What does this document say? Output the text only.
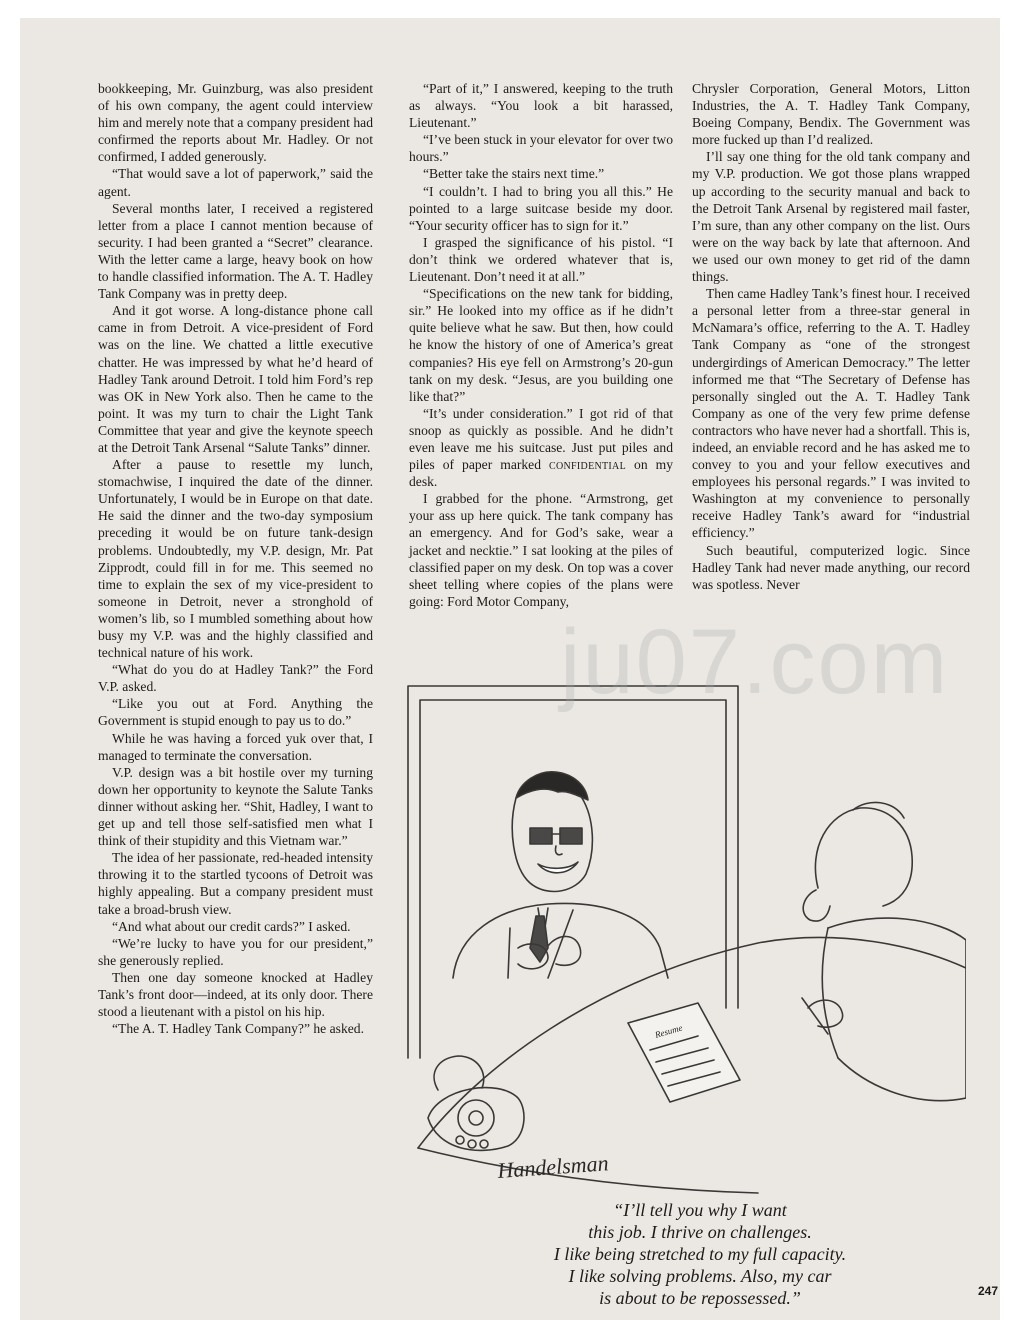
bookkeeping, Mr. Guinzburg, was also president of his own company, the agent could interview him and merely note that a company president had confirmed the reports about Mr. Hadley. Or not confirmed, I added generously.

“That would save a lot of paperwork,” said the agent.

Several months later, I received a registered letter from a place I cannot mention because of security. I had been granted a “Secret” clearance. With the letter came a large, heavy book on how to handle classified information. The A. T. Hadley Tank Company was in pretty deep.

And it got worse. A long-distance phone call came in from Detroit. A vice-president of Ford was on the line. We chatted a little executive chatter. He was impressed by what he’d heard of Hadley Tank around Detroit. I told him Ford’s rep was OK in New York also. Then he came to the point. It was my turn to chair the Light Tank Committee that year and give the keynote speech at the Detroit Tank Arsenal “Salute Tanks” dinner.

After a pause to resettle my lunch, stomachwise, I inquired the date of the dinner. Unfortunately, I would be in Europe on that date. He said the dinner and the two-day symposium preceding it would be on future tank-design problems. Undoubtedly, my V.P. design, Mr. Pat Zipprodt, could fill in for me. This seemed no time to explain the sex of my vice-president to someone in Detroit, never a stronghold of women’s lib, so I mumbled something about how busy my V.P. was and the highly classified and technical nature of his work.

“What do you do at Hadley Tank?” the Ford V.P. asked.

“Like you out at Ford. Anything the Government is stupid enough to pay us to do.”

While he was having a forced yuk over that, I managed to terminate the conversation.

V.P. design was a bit hostile over my turning down her opportunity to keynote the Salute Tanks dinner without asking her. “Shit, Hadley, I want to get up and tell those self-satisfied men what I think of their stupidity and this Vietnam war.”

The idea of her passionate, red-headed intensity throwing it to the startled tycoons of Detroit was highly appealing. But a company president must take a broad-brush view.

“And what about our credit cards?” I asked.

“We’re lucky to have you for our president,” she generously replied.

Then one day someone knocked at Hadley Tank’s front door—indeed, at its only door. There stood a lieutenant with a pistol on his hip.

“The A. T. Hadley Tank Company?” he asked.

“Part of it,” I answered, keeping to the truth as always. “You look a bit harassed, Lieutenant.”

“I’ve been stuck in your elevator for over two hours.”

“Better take the stairs next time.”

“I couldn’t. I had to bring you all this.” He pointed to a large suitcase beside my door. “Your security officer has to sign for it.”

I grasped the significance of his pistol. “I don’t think we ordered whatever that is, Lieutenant. Don’t need it at all.”

“Specifications on the new tank for bidding, sir.” He looked into my office as if he didn’t quite believe what he saw. But then, how could he know the history of one of America’s great companies? His eye fell on Armstrong’s 20-gun tank on my desk. “Jesus, are you building one like that?”

“It’s under consideration.” I got rid of that snoop as quickly as possible. And he didn’t even leave me his suitcase. Just put piles and piles of paper marked confidential on my desk.

I grabbed for the phone. “Armstrong, get your ass up here quick. The tank company has an emergency. And for God’s sake, wear a jacket and necktie.” I sat looking at the piles of classified paper on my desk. On top was a cover sheet telling where copies of the plans were going: Ford Motor Company,

Chrysler Corporation, General Motors, Litton Industries, the A. T. Hadley Tank Company, Boeing Company, Bendix. The Government was more fucked up than I’d realized.

I’ll say one thing for the old tank company and my V.P. production. We got those plans wrapped up according to the security manual and back to the Detroit Tank Arsenal by registered mail faster, I’m sure, than any other company on the list. Ours were on the way back by late that afternoon. And we used our own money to get rid of the damn things.

Then came Hadley Tank’s finest hour. I received a personal letter from a three-star general in McNamara’s office, referring to the A. T. Hadley Tank Company as “one of the strongest undergirdings of American Democracy.” The letter informed me that “The Secretary of Defense has personally singled out the A. T. Hadley Tank Company as one of the very few prime defense contractors who have never had a shortfall. This is, indeed, an enviable record and he has asked me to convey to you and your fellow executives and employees his personal regards.” I was invited to Washington at my convenience to personally receive Hadley Tank’s award for “industrial efficiency.”

Such beautiful, computerized logic. Since Hadley Tank had never made anything, our record was spotless. Never

Resume
Handelsman
“I’ll tell you why I want
this job. I thrive on challenges.
I like being stretched to my full capacity.
I like solving problems. Also, my car
is about to be repossessed.”
ju07.com
247
